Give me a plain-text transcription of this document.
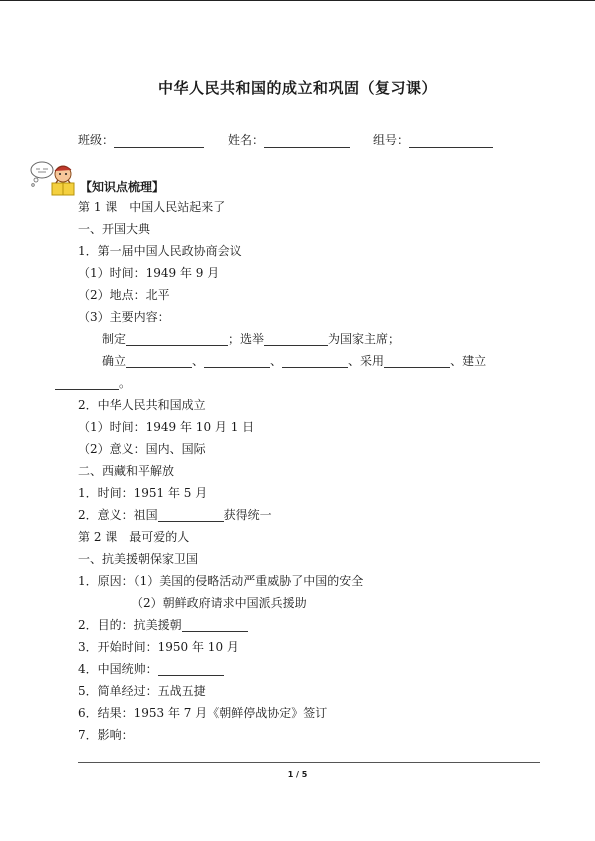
中华人民共和国的成立和巩固（复习课）
班级：	姓名：	组号：
【知识点梳理】
第 1 课　中国人民站起来了
一、开国大典
1．第一届中国人民政协商会议
（1）时间：1949 年 9 月
（2）地点：北平
（3）主要内容：
制定	；选举	为国家主席；
确立	、	、	、采用	、建立
。
2．中华人民共和国成立
（1）时间：1949 年 10 月 1 日
（2）意义：国内、国际
二、西藏和平解放
1．时间：1951 年 5 月
2．意义：祖国	获得统一
第 2 课　最可爱的人
一、抗美援朝保家卫国
1．原因：（1）美国的侵略活动严重威胁了中国的安全
（2）朝鲜政府请求中国派兵援助
2．目的：抗美援朝
3．开始时间：1950 年 10 月
4．中国统帅：
5．简单经过：五战五捷
6．结果：1953 年 7 月《朝鲜停战协定》签订
7．影响：
1 / 5
